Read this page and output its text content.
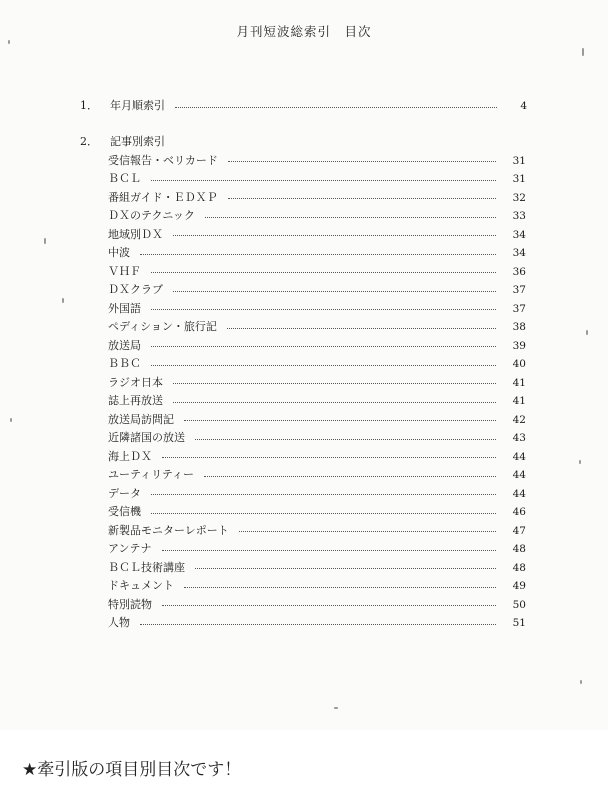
月刊短波総索引　目次
1．	年月順索引	4
2．	記事別索引
受信報告・ベリカード	31
ＢＣＬ	31
番組ガイド・ＥＤＸＰ	32
ＤＸのテクニック	33
地域別ＤＸ	34
中波	34
ＶＨＦ	36
ＤＸクラブ	37
外国語	37
ペディション・旅行記	38
放送局	39
ＢＢＣ	40
ラジオ日本	41
誌上再放送	41
放送局訪問記	42
近隣諸国の放送	43
海上ＤＸ	44
ユーティリティー	44
データ	44
受信機	46
新製品モニターレポート	47
アンテナ	48
ＢＣＬ技術講座	48
ドキュメント	49
特別読物	50
人物	51
★牽引版の項目別目次です！
